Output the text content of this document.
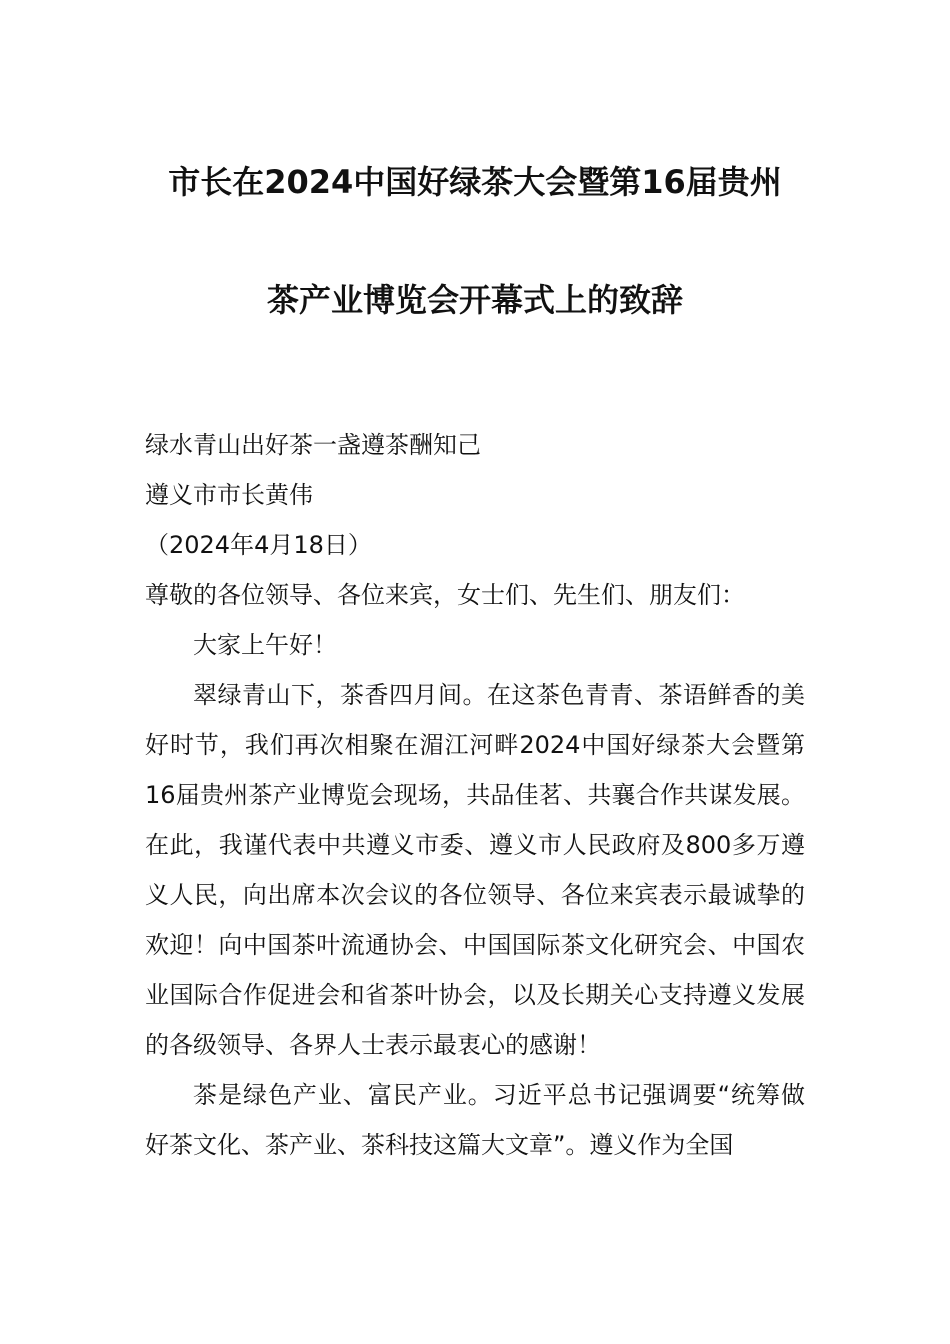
市长在2024中国好绿茶大会暨第16届贵州
茶产业博览会开幕式上的致辞

绿水青山出好茶一盏遵茶酬知己

遵义市市长黄伟

（2024年4月18日）

尊敬的各位领导、各位来宾，女士们、先生们、朋友们：

大家上午好！

翠绿青山下，茶香四月间。在这茶色青青、茶语鲜香的美好时节，我们再次相聚在湄江河畔2024中国好绿茶大会暨第16届贵州茶产业博览会现场，共品佳茗、共襄合作共谋发展。在此，我谨代表中共遵义市委、遵义市人民政府及800多万遵义人民，向出席本次会议的各位领导、各位来宾表示最诚挚的欢迎！向中国茶叶流通协会、中国国际茶文化研究会、中国农业国际合作促进会和省茶叶协会，以及长期关心支持遵义发展的各级领导、各界人士表示最衷心的感谢！

茶是绿色产业、富民产业。习近平总书记强调要“统筹做好茶文化、茶产业、茶科技这篇大文章”。遵义作为全国
